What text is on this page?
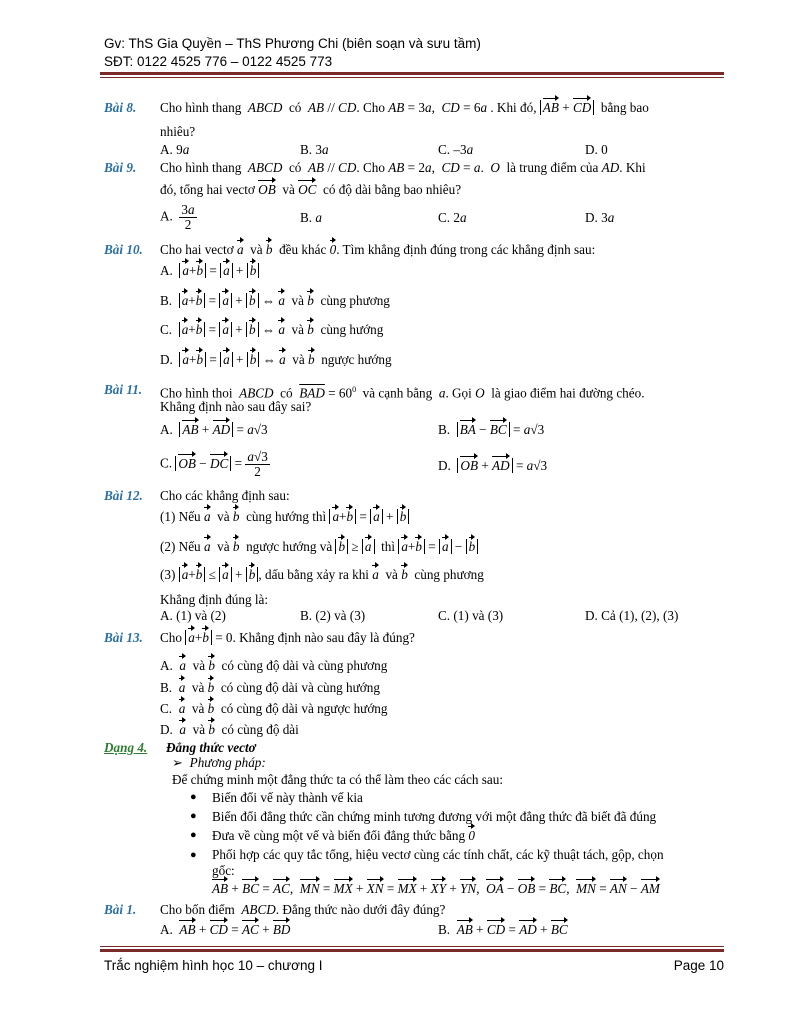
Gv: ThS Gia Quyền – ThS Phương Chi (biên soạn và sưu tầm)
SĐT: 0122 4525 776 – 0122 4525 773
Bài 8. Cho hình thang ABCD có AB // CD. Cho AB = 3a,  CD = 6a . Khi đó, AB + CD bằng bao
nhiêu?
A. 9a	B. 3a	C. –3a	D. 0
Bài 9. Cho hình thang ABCD có AB // CD. Cho AB = 2a,  CD = a.  O là trung điểm của AD. Khi
đó, tổng hai vectơ OB và OC có độ dài bằng bao nhiêu?
A. $\frac{3a}{2}$	B. a	C. 2a	D. 3a
Bài 10. Cho hai vectơ a và b đều khác 0. Tìm khẳng định đúng trong các khẳng định sau:
A.  a+b = a + b
B.  a+b = a + b ⇔ a và b cùng phương
C.  a+b = a + b ⇔ a và b cùng hướng
D.  a+b = a + b ⇔ a và b ngược hướng
Bài 11. Cho hình thoi ABCD có $\overline{BAD} = 60^0$ và cạnh bằng a. Gọi O là giao điểm hai đường chéo.
Khẳng định nào sau đây sai?
A.  AB + AD = a√3	B.  BA − BC = a√3
C. OB − DC = $\frac{a√3}{2}$	D.  OB + AD = a√3
Bài 12. Cho các khẳng định sau:
(1) Nếu a và b cùng hướng thì a+b = a + b
(2) Nếu a và b ngược hướng và b ≥ a thì a+b = a − b
(3) a+b ≤ a + b , dấu bằng xảy ra khi a và b cùng phương
Khẳng định đúng là:
A. (1) và (2)	B. (2) và (3)	C. (1) và (3)	D. Cả (1), (2), (3)
Bài 13. Cho a+b = 0. Khẳng định nào sau đây là đúng?
A. a và b có cùng độ dài và cùng phương
B. a và b có cùng độ dài và cùng hướng
C. a và b có cùng độ dài và ngược hướng
D. a và b có cùng độ dài
Dạng 4. Đẳng thức vectơ
➢ Phương pháp:
Để chứng minh một đẳng thức ta có thể làm theo các cách sau:
● Biến đổi vế này thành vế kia
● Biến đổi đẳng thức cần chứng minh tương đương với một đẳng thức đã biết đã đúng
● Đưa về cùng một vế và biến đổi đẳng thức bằng 0
● Phối hợp các quy tắc tổng, hiệu vectơ cùng các tính chất, các kỹ thuật tách, gộp, chọn
gốc:
AB + BC = AC,  MN = MX + XN = MX + XY + YN,  OA − OB = BC,  MN = AN − AM
Bài 1. Cho bốn điểm ABCD. Đẳng thức nào dưới đây đúng?
A. AB + CD = AC + BD	B. AB + CD = AD + BC
Trắc nghiệm hình học 10 – chương I	Page 10
